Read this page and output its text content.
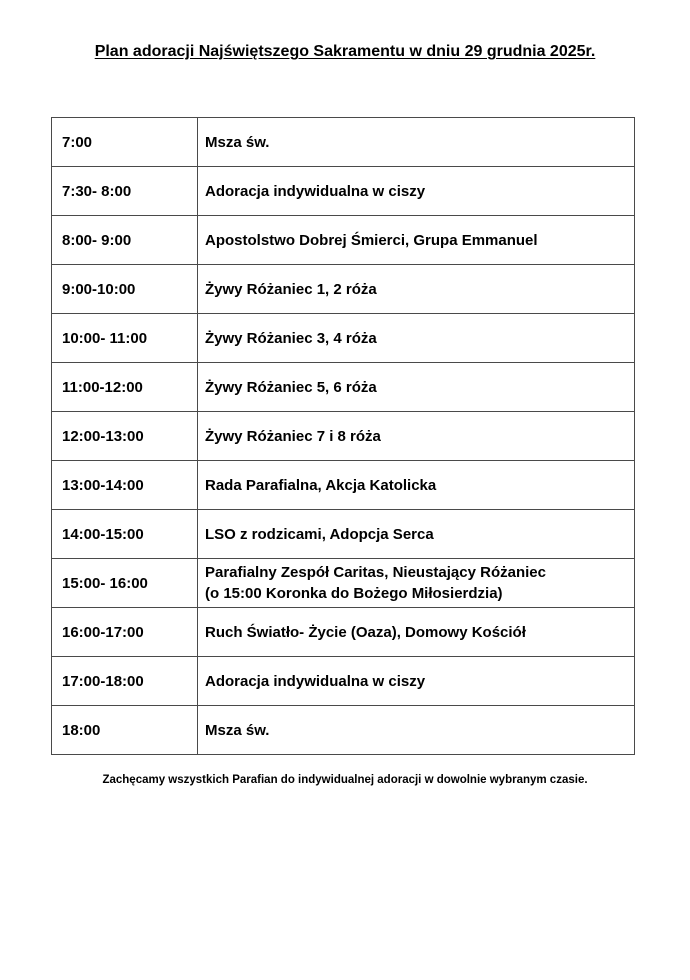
Plan adoracji Najświętszego Sakramentu w dniu 29 grudnia 2025r.
7:00	Msza św.
7:30- 8:00	Adoracja indywidualna w ciszy
8:00- 9:00	Apostolstwo Dobrej Śmierci, Grupa Emmanuel
9:00-10:00	Żywy Różaniec 1, 2 róża
10:00- 11:00	Żywy Różaniec 3, 4 róża
11:00-12:00	Żywy Różaniec 5, 6 róża
12:00-13:00	Żywy Różaniec 7 i 8 róża
13:00-14:00	Rada Parafialna, Akcja Katolicka
14:00-15:00	LSO z rodzicami, Adopcja Serca
15:00- 16:00	Parafialny Zespół Caritas, Nieustający Różaniec
(o 15:00 Koronka do Bożego Miłosierdzia)

16:00-17:00	Ruch Światło- Życie (Oaza), Domowy Kościół
17:00-18:00	Adoracja indywidualna w ciszy
18:00	Msza św.
Zachęcamy wszystkich Parafian do indywidualnej adoracji w dowolnie wybranym czasie.
